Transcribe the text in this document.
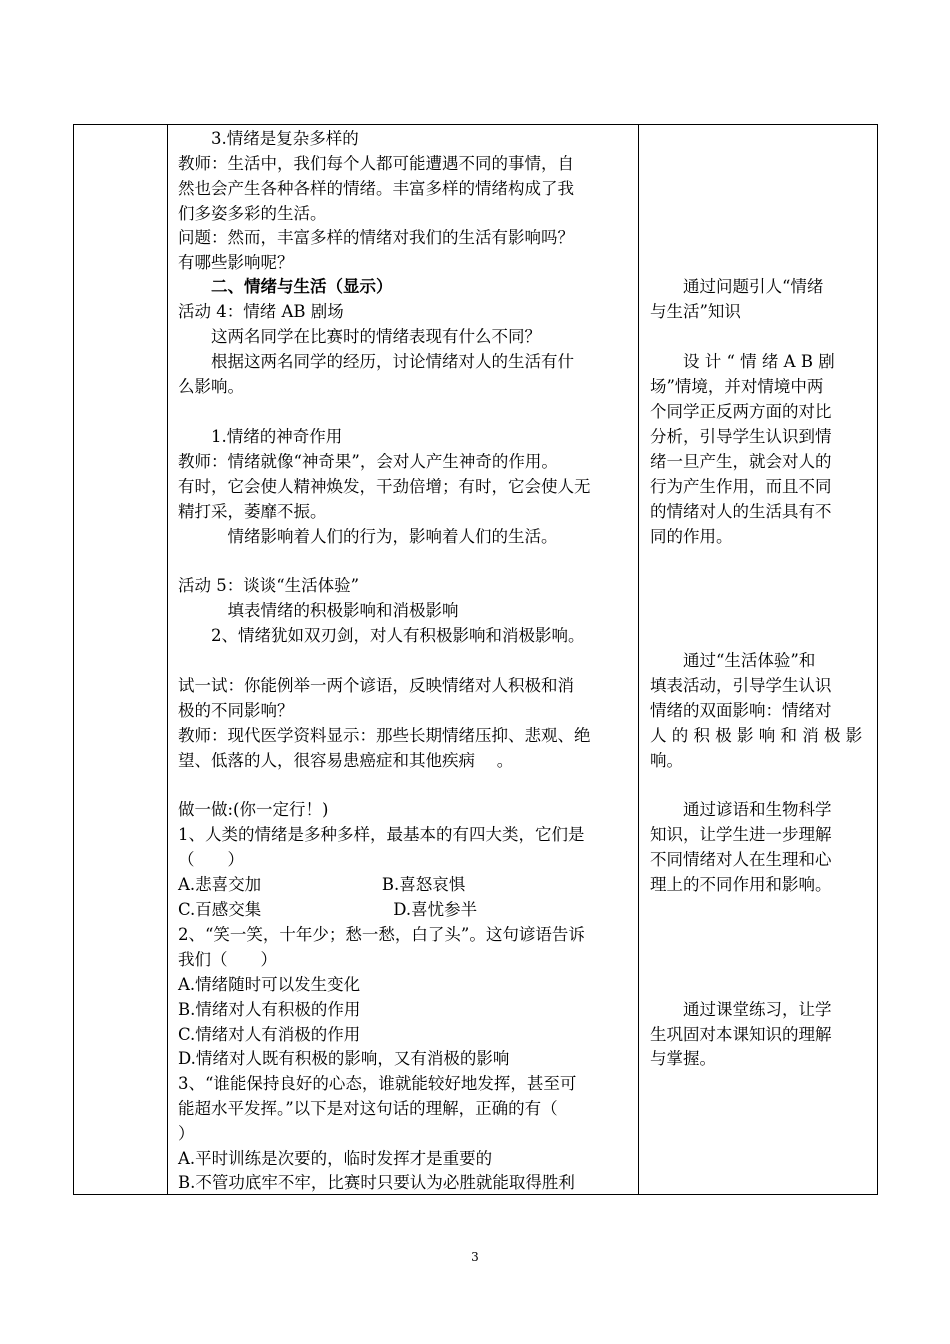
　　3.情绪是复杂多样的
教师：生活中，我们每个人都可能遭遇不同的事情，自
然也会产生各种各样的情绪。丰富多样的情绪构成了我
们多姿多彩的生活。
问题：然而，丰富多样的情绪对我们的生活有影响吗？
有哪些影响呢？
　　二、情绪与生活（显示）
活动 4：情绪 AB 剧场
　　这两名同学在比赛时的情绪表现有什么不同？
　　根据这两名同学的经历，讨论情绪对人的生活有什
么影响。
　　1.情绪的神奇作用
教师：情绪就像“神奇果”，会对人产生神奇的作用。
有时，它会使人精神焕发，干劲倍增；有时，它会使人无
精打采，萎靡不振。
　　　情绪影响着人们的行为，影响着人们的生活。
活动 5：谈谈“生活体验”
　　　填表情绪的积极影响和消极影响
　　2、情绪犹如双刃剑，对人有积极影响和消极影响。
试一试：你能例举一两个谚语，反映情绪对人积极和消
极的不同影响？
教师：现代医学资料显示：那些长期情绪压抑、悲观、绝
望、低落的人，很容易患癌症和其他疾病　 。
做一做:(你一定行！)
1、人类的情绪是多种多样，最基本的有四大类，它们是
（　　）
A.悲喜交加　　　　　　　 B.喜怒哀惧
C.百感交集　　　　　　　　D.喜忧参半
2、“笑一笑，十年少；愁一愁，白了头”。这句谚语告诉
我们（　　）
A.情绪随时可以发生变化
B.情绪对人有积极的作用
C.情绪对人有消极的作用
D.情绪对人既有积极的影响，又有消极的影响
3、“谁能保持良好的心态，谁就能较好地发挥，甚至可
能超水平发挥。”以下是对这句话的理解，正确的有（
）
A.平时训练是次要的，临时发挥才是重要的
B.不管功底牢不牢，比赛时只要认为必胜就能取得胜利
　　通过问题引人“情绪
与生活”知识
　　设 计 “ 情 绪 A B 剧
场”情境，并对情境中两
个同学正反两方面的对比
分析，引导学生认识到情
绪一旦产生，就会对人的
行为产生作用，而且不同
的情绪对人的生活具有不
同的作用。
　　通过“生活体验”和
填表活动，引导学生认识
情绪的双面影响：情绪对
人 的 积 极 影 响 和 消 极 影
响。
　　通过谚语和生物科学
知识，让学生进一步理解
不同情绪对人在生理和心
理上的不同作用和影响。
　　通过课堂练习，让学
生巩固对本课知识的理解
与掌握。
3
